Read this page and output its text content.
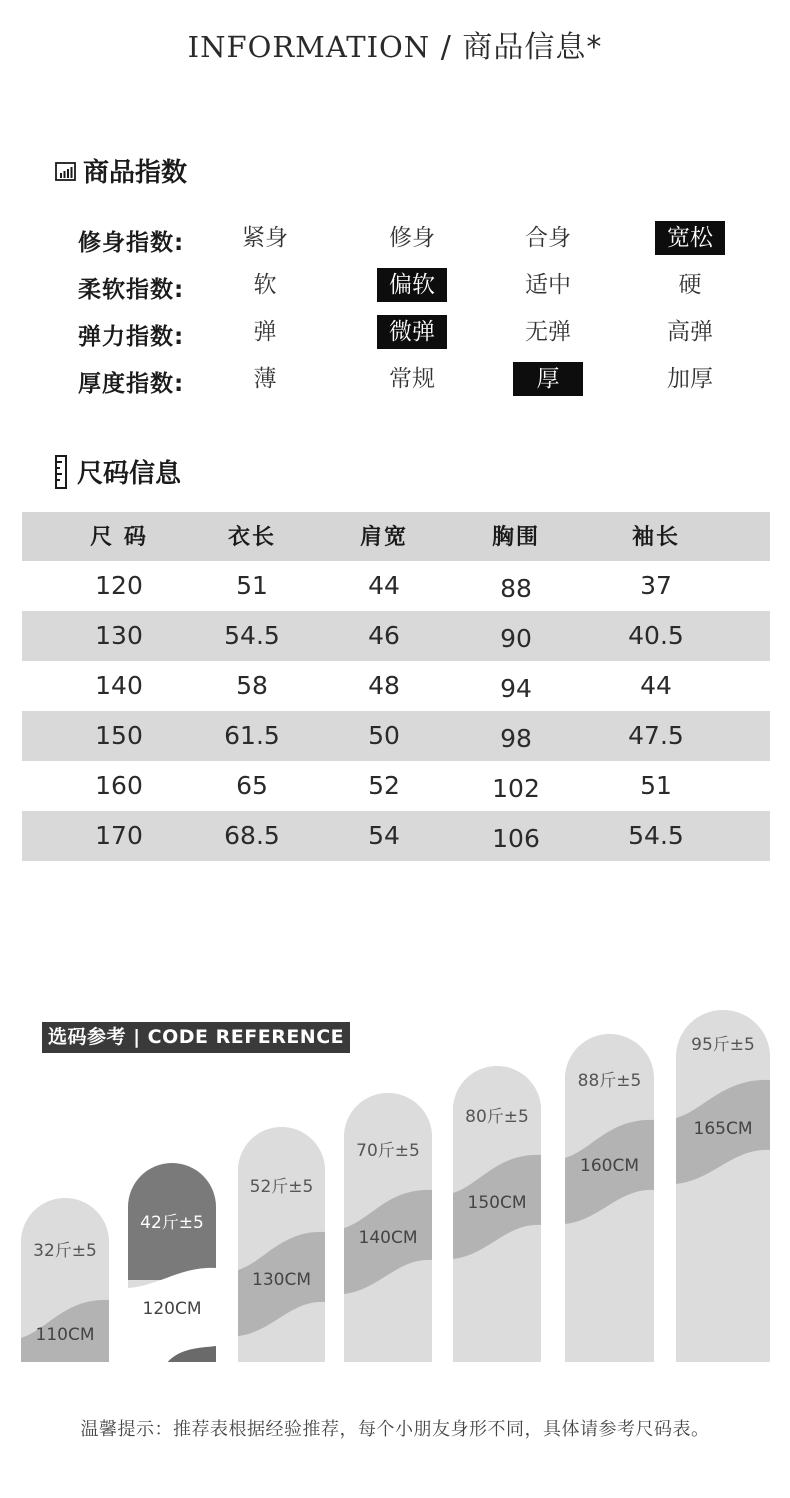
INFORMATION / 商品信息*
商品指数
修身指数:	紧身	修身	合身	宽松
柔软指数:	软	偏软	适中	硬
弹力指数:	弹	微弹	无弹	高弹
厚度指数:	薄	常规	厚	加厚
尺码信息
尺 码	衣长	肩宽	胸围	袖长
120	51	44	88	37
130	54.5	46	90	40.5
140	58	48	94	44
150	61.5	50	98	47.5
160	65	52	102	51
170	68.5	54	106	54.5
32斤±5
110CM
42斤±5
120CM
52斤±5
130CM
70斤±5
140CM
80斤±5
150CM
88斤±5
160CM
95斤±5
165CM
选码参考 | CODE REFERENCE
温馨提示：推荐表根据经验推荐，每个小朋友身形不同，具体请参考尺码表。
